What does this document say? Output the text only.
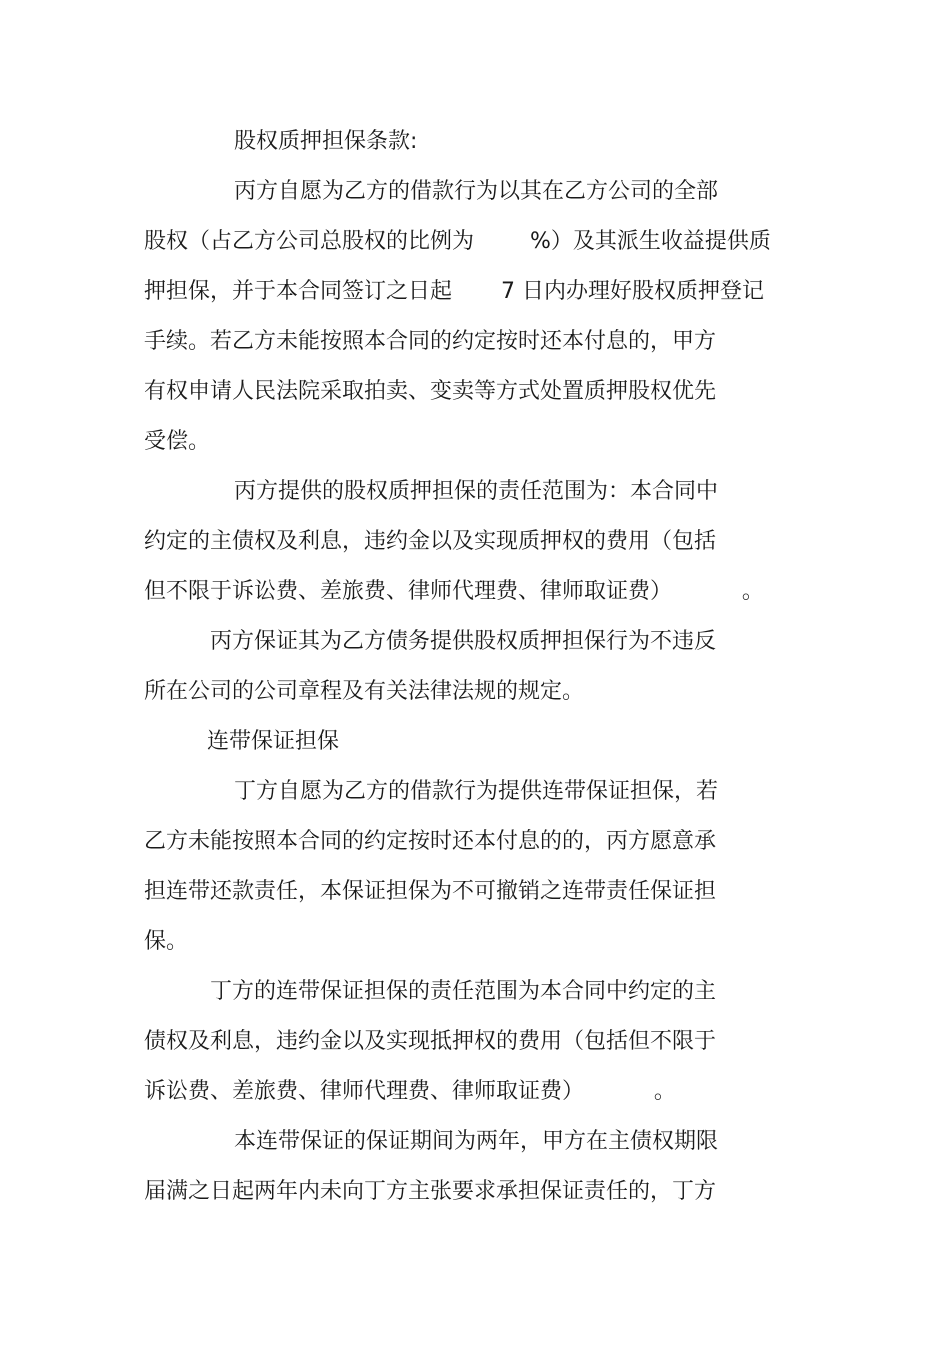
股权质押担保条款:
丙方自愿为乙方的借款行为以其在乙方公司的全部
股权（占乙方公司总股权的比例为        %）及其派生收益提供质
押担保，并于本合同签订之日起       7 日内办理好股权质押登记
手续。若乙方未能按照本合同的约定按时还本付息的，甲方
有权申请人民法院采取拍卖、变卖等方式处置质押股权优先
受偿。
丙方提供的股权质押担保的责任范围为：本合同中
约定的主债权及利息，违约金以及实现质押权的费用（包括
但不限于诉讼费、差旅费、律师代理费、律师取证费）          。
丙方保证其为乙方债务提供股权质押担保行为不违反
所在公司的公司章程及有关法律法规的规定。
连带保证担保
丁方自愿为乙方的借款行为提供连带保证担保，若
乙方未能按照本合同的约定按时还本付息的的，丙方愿意承
担连带还款责任，本保证担保为不可撤销之连带责任保证担
保。
丁方的连带保证担保的责任范围为本合同中约定的主
债权及利息，违约金以及实现抵押权的费用（包括但不限于
诉讼费、差旅费、律师代理费、律师取证费）          。
本连带保证的保证期间为两年，甲方在主债权期限
届满之日起两年内未向丁方主张要求承担保证责任的，丁方
